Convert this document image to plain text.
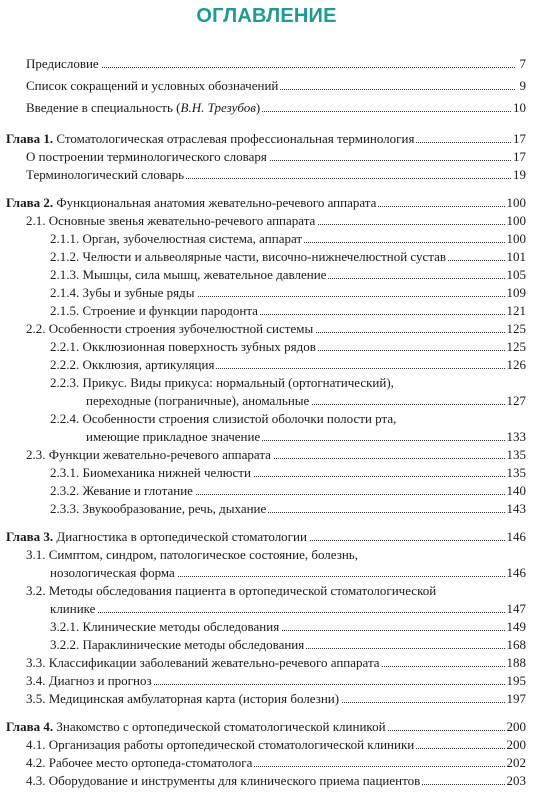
ОГЛАВЛЕНИЕ
Предисловие	7
Список сокращений и условных обозначений	9
Введение в специальность (В.Н. Трезубов)	10
Глава 1. Стоматологическая отраслевая профессиональная терминология	17
О построении терминологического словаря	17
Терминологический словарь	19
Глава 2. Функциональная анатомия жевательно-речевого аппарата	100
2.1. Основные звенья жевательно-речевого аппарата	100
2.1.1. Орган, зубочелюстная система, аппарат	100
2.1.2. Челюсти и альвеолярные части, височно-нижнечелюстной сустав	101
2.1.3. Мышцы, сила мышц, жевательное давление	105
2.1.4. Зубы и зубные ряды	109
2.1.5. Строение и функции пародонта	121
2.2. Особенности строения зубочелюстной системы	125
2.2.1. Окклюзионная поверхность зубных рядов	125
2.2.2. Окклюзия, артикуляция	126
2.2.3. Прикус. Виды прикуса: нормальный (ортогнатический),
переходные (пограничные), аномальные	127
2.2.4. Особенности строения слизистой оболочки полости рта,
имеющие прикладное значение	133
2.3. Функции жевательно-речевого аппарата	135
2.3.1. Биомеханика нижней челюсти	135
2.3.2. Жевание и глотание	140
2.3.3. Звукообразование, речь, дыхание	143
Глава 3. Диагностика в ортопедической стоматологии	146
3.1. Симптом, синдром, патологическое состояние, болезнь,
нозологическая форма	146
3.2. Методы обследования пациента в ортопедической стоматологической
клинике	147
3.2.1. Клинические методы обследования	149
3.2.2. Параклинические методы обследования	168
3.3. Классификации заболеваний жевательно-речевого аппарата	188
3.4. Диагноз и прогноз	195
3.5. Медицинская амбулаторная карта (история болезни)	197
Глава 4. Знакомство с ортопедической стоматологической клиникой	200
4.1. Организация работы ортопедической стоматологической клиники	200
4.2. Рабочее место ортопеда-стоматолога	202
4.3. Оборудование и инструменты для клинического приема пациентов	203
